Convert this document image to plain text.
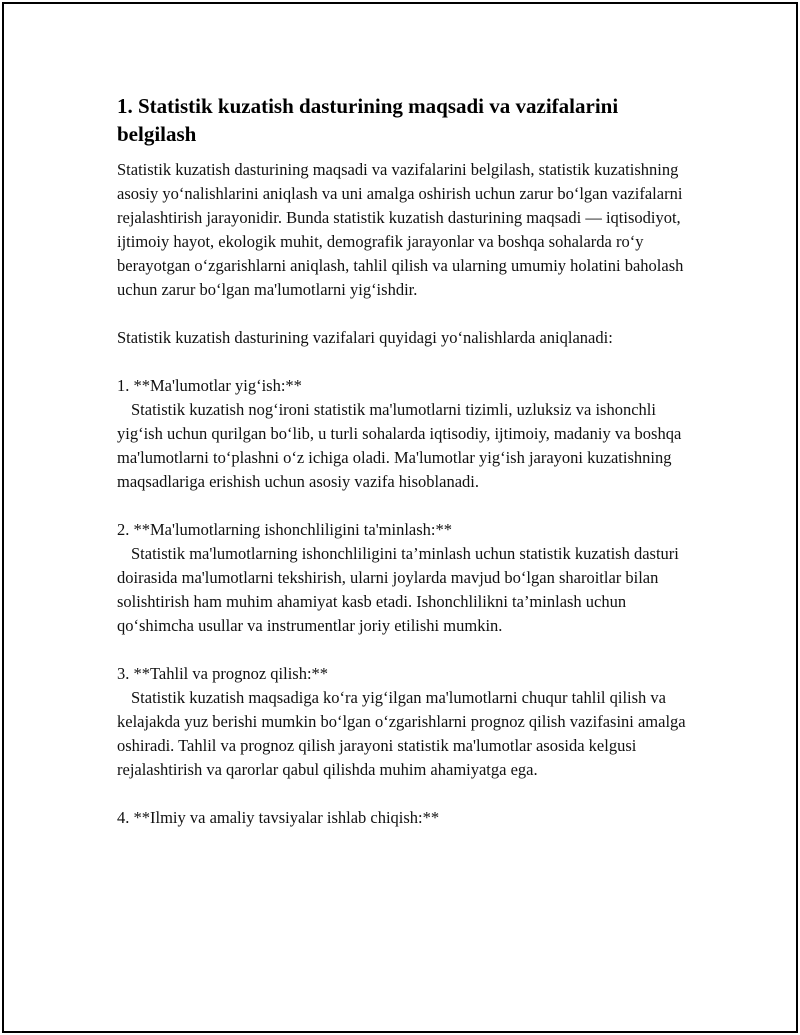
1. Statistik kuzatish dasturining maqsadi va vazifalarini belgilash

Statistik kuzatish dasturining maqsadi va vazifalarini belgilash, statistik kuzatishning asosiy yo‘nalishlarini aniqlash va uni amalga oshirish uchun zarur bo‘lgan vazifalarni rejalashtirish jarayonidir. Bunda statistik kuzatish dasturining maqsadi — iqtisodiyot, ijtimoiy hayot, ekologik muhit, demografik jarayonlar va boshqa sohalarda ro‘y berayotgan o‘zgarishlarni aniqlash, tahlil qilish va ularning umumiy holatini baholash uchun zarur bo‘lgan ma'lumotlarni yig‘ishdir.

Statistik kuzatish dasturining vazifalari quyidagi yo‘nalishlarda aniqlanadi:

1. **Ma'lumotlar yig‘ish:**

Statistik kuzatish nog‘ironi statistik ma'lumotlarni tizimli, uzluksiz va ishonchli yig‘ish uchun qurilgan bo‘lib, u turli sohalarda iqtisodiy, ijtimoiy, madaniy va boshqa ma'lumotlarni to‘plashni o‘z ichiga oladi. Ma'lumotlar yig‘ish jarayoni kuzatishning maqsadlariga erishish uchun asosiy vazifa hisoblanadi.

2. **Ma'lumotlarning ishonchliligini ta'minlash:**

Statistik ma'lumotlarning ishonchliligini ta’minlash uchun statistik kuzatish dasturi doirasida ma'lumotlarni tekshirish, ularni joylarda mavjud bo‘lgan sharoitlar bilan solishtirish ham muhim ahamiyat kasb etadi. Ishonchlilikni ta’minlash uchun qo‘shimcha usullar va instrumentlar joriy etilishi mumkin.

3. **Tahlil va prognoz qilish:**

Statistik kuzatish maqsadiga ko‘ra yig‘ilgan ma'lumotlarni chuqur tahlil qilish va kelajakda yuz berishi mumkin bo‘lgan o‘zgarishlarni prognoz qilish vazifasini amalga oshiradi. Tahlil va prognoz qilish jarayoni statistik ma'lumotlar asosida kelgusi rejalashtirish va qarorlar qabul qilishda muhim ahamiyatga ega.

4. **Ilmiy va amaliy tavsiyalar ishlab chiqish:**
